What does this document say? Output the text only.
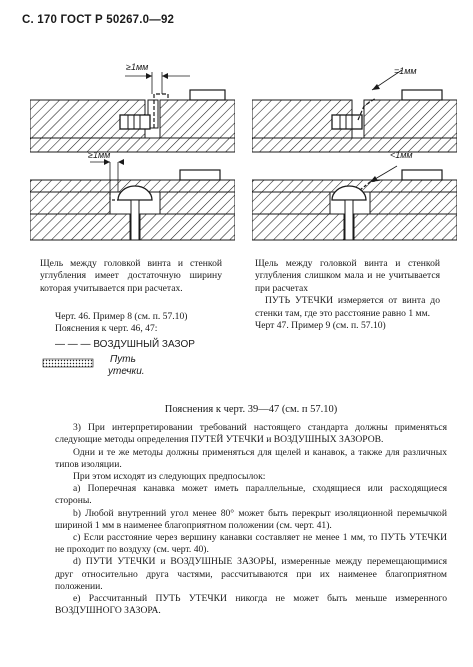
С. 170 ГОСТ Р 50267.0—92
≥1мм	=1мм
≥1мм	<1мм

Щель между головкой винта и стенкой углубления имеет достаточную ширину которая учитывается при расчетах.

Черт. 46. Пример 8 (см. п. 57.10)

Пояснения к черт. 46, 47:

— — — ВОЗДУШНЫЙ ЗАЗОР
Путь
утечки.

Щель между головкой винта и стенкой углубления слишком мала и не учитывается при расчетах

ПУТЬ УТЕЧКИ измеряется от винта до стенки там, где это расстояние равно 1 мм.

Черт 47. Пример 9 (см. п. 57.10)

Пояснения к черт. 39—47 (см. п 57.10)

3) При интерпретировании требований настоящего стандарта должны применяться следующие методы определения ПУТЕЙ УТЕЧКИ и ВОЗДУШНЫХ ЗАЗОРОВ.

Одни и те же методы должны применяться для щелей и канавок, а также для различных типов изоляции.

При этом исходят из следующих предпосылок:

а) Поперечная канавка может иметь параллельные, сходящиеся или расходящиеся стороны.

b) Любой внутренний угол менее 80° может быть перекрыт изоляционной перемычкой шириной 1 мм в наименее благоприятном положении (см. черт. 41).

c) Если расстояние через вершину канавки составляет не менее 1 мм, то ПУТЬ УТЕЧКИ не проходит по воздуху (см. черт. 40).

d) ПУТИ УТЕЧКИ и ВОЗДУШНЫЕ ЗАЗОРЫ, измеренные между перемещающимися друг относительно друга частями, рассчитываются при их наименее благоприятном положении.

е) Рассчитанный ПУТЬ УТЕЧКИ никогда не может быть меньше измеренного ВОЗДУШНОГО ЗАЗОРА.
